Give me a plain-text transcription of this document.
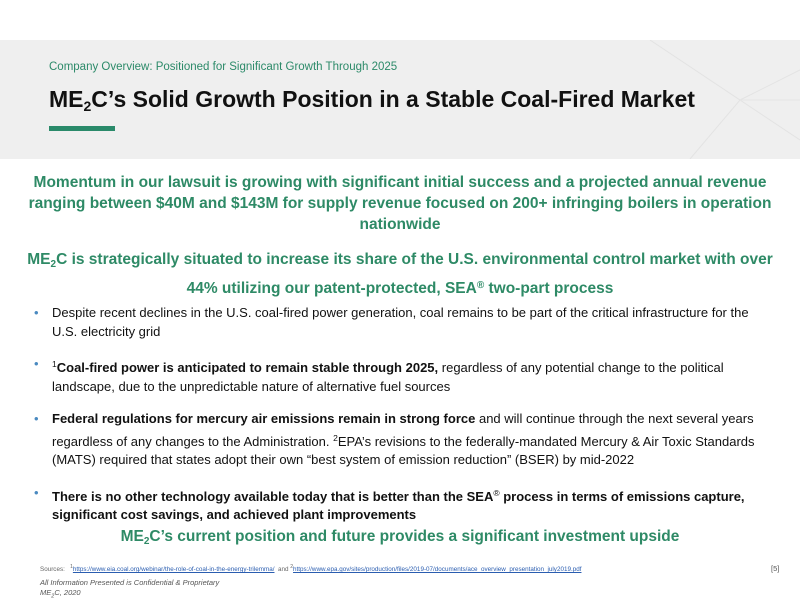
Company Overview: Positioned for Significant Growth Through 2025
$ME_2C’s$ Solid Growth Position in a Stable Coal-Fired Market
Momentum in our lawsuit is growing with significant initial success and a projected annual revenue ranging between $40M and $143M for supply revenue focused on 200+ infringing boilers in operation nationwide
$ME_2C$ is strategically situated to increase its share of the U.S. environmental control market with over 44% utilizing our patent-protected, SEA® two-part process
• Despite recent declines in the U.S. coal-fired power generation, coal remains to be part of the critical infrastructure for the U.S. electricity grid
• $^1$Coal-fired power is anticipated to remain stable through 2025, regardless of any potential change to the political landscape, due to the unpredictable nature of alternative fuel sources
• Federal regulations for mercury air emissions remain in strong force and will continue through the next several years regardless of any changes to the Administration. $^2$EPA’s revisions to the federally-mandated Mercury & Air Toxic Standards (MATS) required that states adopt their own “best system of emission reduction” (BSER) by mid-2022
• There is no other technology available today that is better than the SEA® process in terms of emissions capture, significant cost savings, and achieved plant improvements
$ME_2C’s$ current position and future provides a significant investment upside
Sources: $^1$https://www.eia.coal.org/webinar/the-role-of-coal-in-the-energy-trilemma/ and $^2$https://www.epa.gov/sites/production/files/2019-07/documents/ace_overview_presentation_july2019.pdf	[5]
All Information Presented is Confidential & Proprietary
$ME_2C$, 2020
